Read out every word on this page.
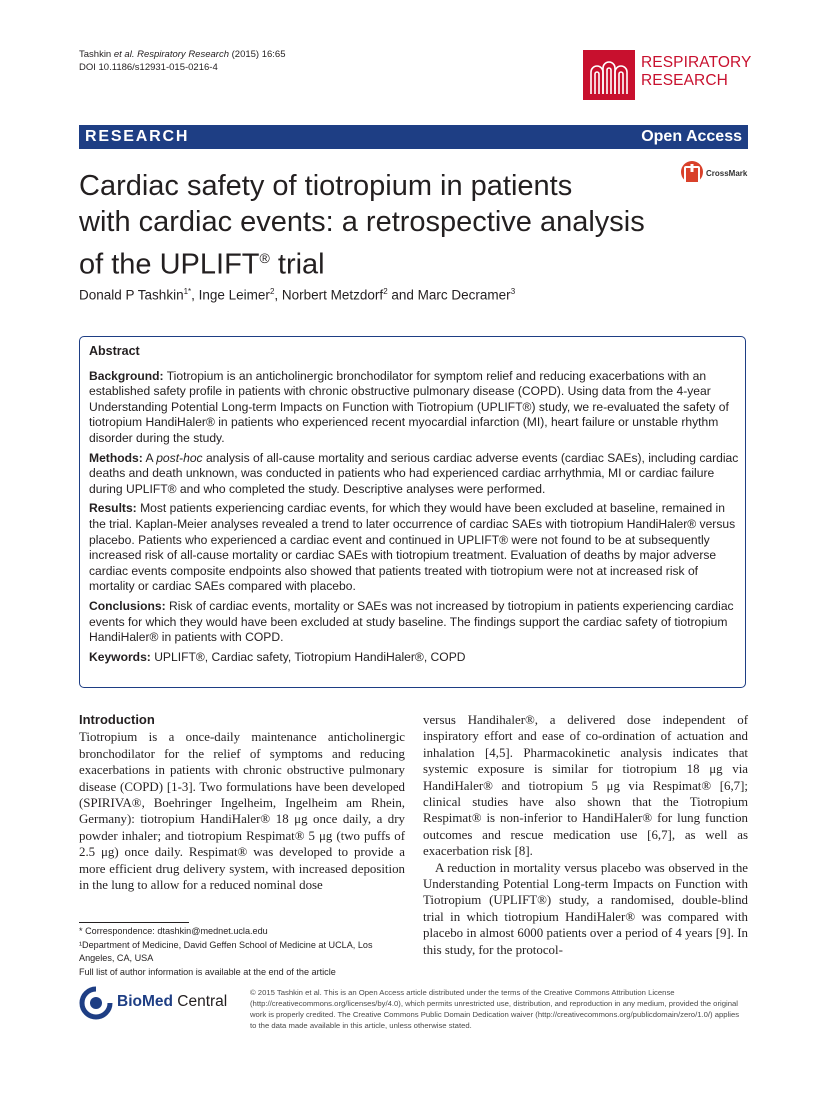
Tashkin et al. Respiratory Research (2015) 16:65
DOI 10.1186/s12931-015-0216-4	RESPIRATORY
RESEARCH
RESEARCH	Open Access
CrossMark
Cardiac safety of tiotropium in patients
with cardiac events: a retrospective analysis
of the UPLIFT® trial
Donald P Tashkin$^{1*}$, Inge Leimer$^2$, Norbert Metzdorf$^2$ and Marc Decramer$^3$
Abstract
Background: Tiotropium is an anticholinergic bronchodilator for symptom relief and reducing exacerbations with an established safety profile in patients with chronic obstructive pulmonary disease (COPD). Using data from the 4-year Understanding Potential Long-term Impacts on Function with Tiotropium (UPLIFT®) study, we re-evaluated the safety of tiotropium HandiHaler® in patients who experienced recent myocardial infarction (MI), heart failure or unstable rhythm disorder during the study.
Methods: A post-hoc analysis of all-cause mortality and serious cardiac adverse events (cardiac SAEs), including cardiac deaths and death unknown, was conducted in patients who had experienced cardiac arrhythmia, MI or cardiac failure during UPLIFT® and who completed the study. Descriptive analyses were performed.
Results: Most patients experiencing cardiac events, for which they would have been excluded at baseline, remained in the trial. Kaplan-Meier analyses revealed a trend to later occurrence of cardiac SAEs with tiotropium HandiHaler® versus placebo. Patients who experienced a cardiac event and continued in UPLIFT® were not found to be at subsequently increased risk of all-cause mortality or cardiac SAEs with tiotropium treatment. Evaluation of deaths by major adverse cardiac events composite endpoints also showed that patients treated with tiotropium were not at increased risk of mortality or cardiac SAEs compared with placebo.
Conclusions: Risk of cardiac events, mortality or SAEs was not increased by tiotropium in patients experiencing cardiac events for which they would have been excluded at study baseline. The findings support the cardiac safety of tiotropium HandiHaler® in patients with COPD.
Keywords: UPLIFT®, Cardiac safety, Tiotropium HandiHaler®, COPD
Introduction
Tiotropium is a once-daily maintenance anticholinergic bronchodilator for the relief of symptoms and reducing exacerbations in patients with chronic obstructive pulmonary disease (COPD) [1-3]. Two formulations have been developed (SPIRIVA®, Boehringer Ingelheim, Ingelheim am Rhein, Germany): tiotropium HandiHaler® 18 μg once daily, a dry powder inhaler; and tiotropium Respimat® 5 μg (two puffs of 2.5 μg) once daily. Respimat® was developed to provide a more efficient drug delivery system, with increased deposition in the lung to allow for a reduced nominal dose
versus Handihaler®, a delivered dose independent of inspiratory effort and ease of co-ordination of actuation and inhalation [4,5]. Pharmacokinetic analysis indicates that systemic exposure is similar for tiotropium 18 μg via HandiHaler® and tiotropium 5 μg via Respimat® [6,7]; clinical studies have also shown that the Tiotropium Respimat® is non-inferior to HandiHaler® for lung function outcomes and rescue medication use [6,7], as well as exacerbation risk [8].
A reduction in mortality versus placebo was observed in the Understanding Potential Long-term Impacts on Function with Tiotropium (UPLIFT®) study, a randomised, double-blind trial in which tiotropium HandiHaler® was compared with placebo in almost 6000 patients over a period of 4 years [9]. In this study, for the protocol-
* Correspondence: dtashkin@mednet.ucla.edu
¹Department of Medicine, David Geffen School of Medicine at UCLA, Los Angeles, CA, USA
Full list of author information is available at the end of the article
BioMed Central
© 2015 Tashkin et al. This is an Open Access article distributed under the terms of the Creative Commons Attribution License (http://creativecommons.org/licenses/by/4.0), which permits unrestricted use, distribution, and reproduction in any medium, provided the original work is properly credited. The Creative Commons Public Domain Dedication waiver (http://creativecommons.org/publicdomain/zero/1.0/) applies to the data made available in this article, unless otherwise stated.
